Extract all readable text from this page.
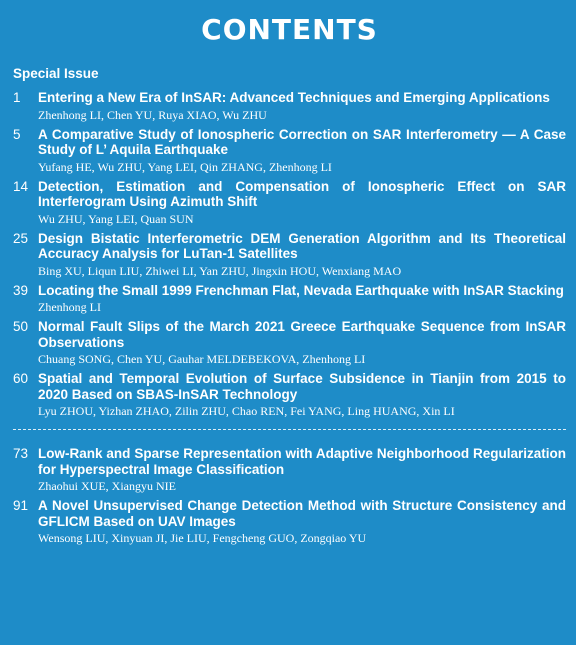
CONTENTS
Special Issue
1	Entering a New Era of InSAR: Advanced Techniques and Emerging Applications
Zhenhong LI, Chen YU, Ruya XIAO, Wu ZHU
5	A Comparative Study of Ionospheric Correction on SAR Interferometry — A Case Study of L’ Aquila Earthquake
Yufang HE, Wu ZHU, Yang LEI, Qin ZHANG, Zhenhong LI
14 Detection, Estimation and Compensation of Ionospheric Effect on SAR Interferogram Using Azimuth Shift
Wu ZHU, Yang LEI, Quan SUN
25 Design Bistatic Interferometric DEM Generation Algorithm and Its Theoretical Accuracy Analysis for LuTan-1 Satellites
Bing XU, Liqun LIU, Zhiwei LI, Yan ZHU, Jingxin HOU, Wenxiang MAO
39 Locating the Small 1999 Frenchman Flat, Nevada Earthquake with InSAR Stacking
Zhenhong LI
50 Normal Fault Slips of the March 2021 Greece Earthquake Sequence from InSAR Observations
Chuang SONG, Chen YU, Gauhar MELDEBEKOVA, Zhenhong LI
60 Spatial and Temporal Evolution of Surface Subsidence in Tianjin from 2015 to 2020 Based on SBAS-InSAR Technology
Lyu ZHOU, Yizhan ZHAO, Zilin ZHU, Chao REN, Fei YANG, Ling HUANG, Xin LI
73 Low-Rank and Sparse Representation with Adaptive Neighborhood Regularization for Hyperspectral Image Classification
Zhaohui XUE, Xiangyu NIE
91 A Novel Unsupervised Change Detection Method with Structure Consistency and GFLICM Based on UAV Images
Wensong LIU, Xinyuan JI, Jie LIU, Fengcheng GUO, Zongqiao YU
